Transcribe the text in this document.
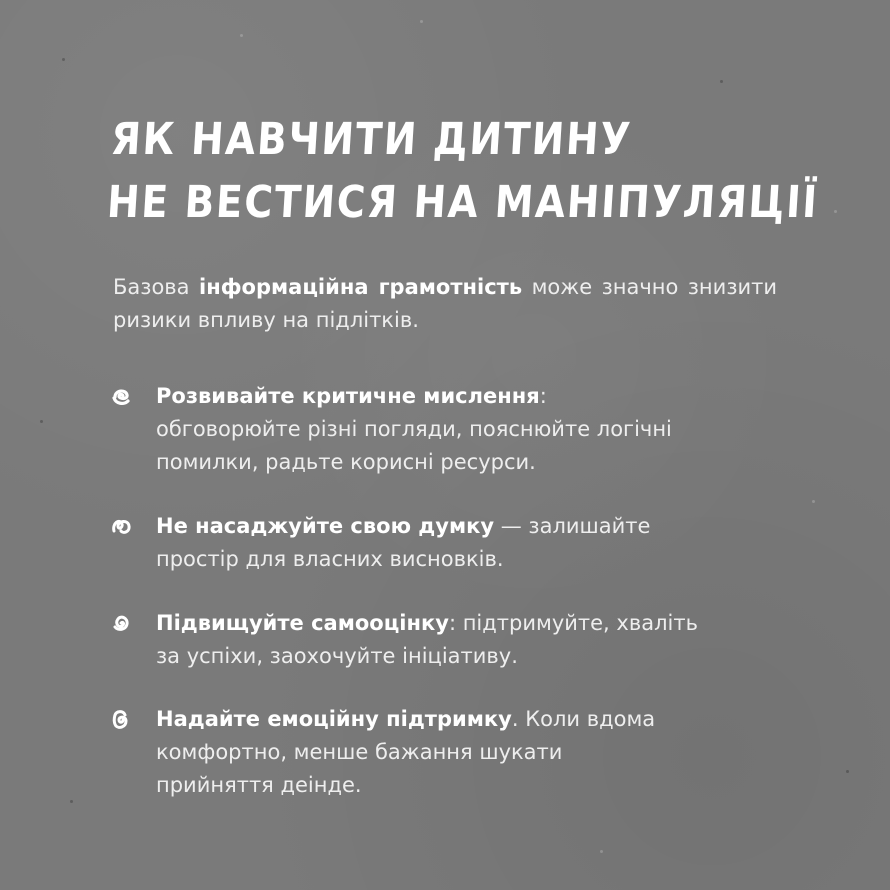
ЯК НАВЧИТИ ДИТИНУ
НЕ ВЕСТИСЯ НА МАНІПУЛЯЦІЇ

Базова інформаційна грамотність може значно знизити ризики впливу на підлітків.

Розвивайте критичне мислення:
обговорюйте різні погляди, пояснюйте логічні
помилки, радьте корисні ресурси.

Не насаджуйте свою думку — залишайте
простір для власних висновків.

Підвищуйте самооцінку: підтримуйте, хваліть
за успіхи, заохочуйте ініціативу.

Надайте емоційну підтримку. Коли вдома
комфортно, менше бажання шукати
прийняття деінде.
